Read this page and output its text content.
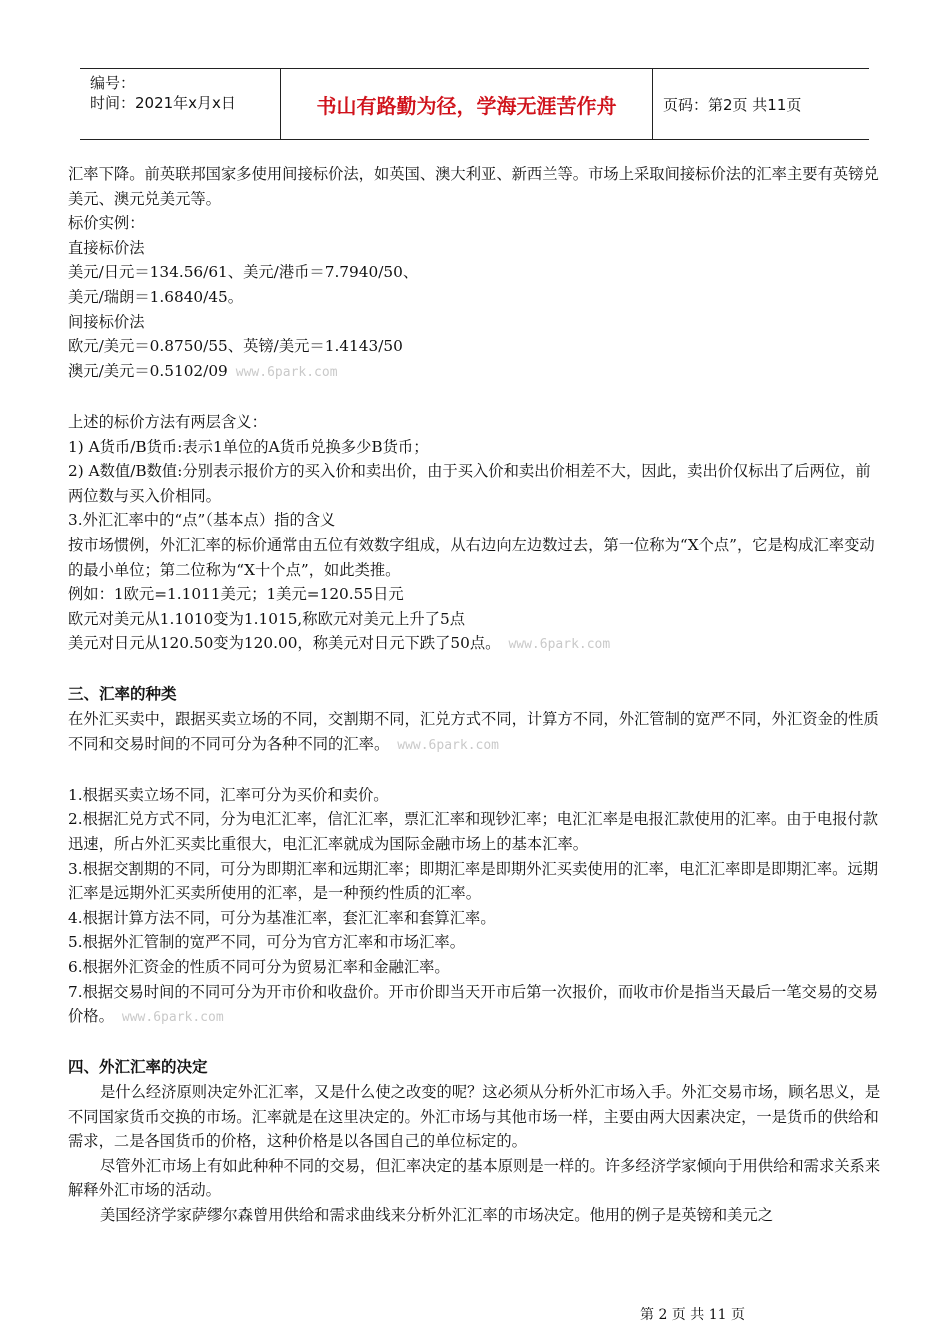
编号：
时间：2021年x月x日	书山有路勤为径，学海无涯苦作舟	页码：第2页 共11页

汇率下降。前英联邦国家多使用间接标价法，如英国、澳大利亚、新西兰等。市场上采取间接标价法的汇率主要有英镑兑美元、澳元兑美元等。

标价实例：

直接标价法

美元/日元＝134.56/61、美元/港币＝7.7940/50、

美元/瑞朗＝1.6840/45。

间接标价法

欧元/美元＝0.8750/55、英镑/美元＝1.4143/50

澳元/美元＝0.5102/09 www.6park.com

上述的标价方法有两层含义：

1) A货币/B货币:表示1单位的A货币兑换多少B货币；

2) A数值/B数值:分别表示报价方的买入价和卖出价，由于买入价和卖出价相差不大，因此，卖出价仅标出了后两位，前两位数与买入价相同。

3.外汇汇率中的“点”（基本点）指的含义

按市场惯例，外汇汇率的标价通常由五位有效数字组成，从右边向左边数过去，第一位称为“X个点”，它是构成汇率变动的最小单位；第二位称为“X十个点”，如此类推。

例如：1欧元=1.1011美元；1美元=120.55日元

欧元对美元从1.1010变为1.1015,称欧元对美元上升了5点

美元对日元从120.50变为120.00，称美元对日元下跌了50点。 www.6park.com

三、汇率的种类

在外汇买卖中，跟据买卖立场的不同，交割期不同，汇兑方式不同，计算方不同，外汇管制的宽严不同，外汇资金的性质不同和交易时间的不同可分为各种不同的汇率。 www.6park.com

1.根据买卖立场不同，汇率可分为买价和卖价。

2.根据汇兑方式不同，分为电汇汇率，信汇汇率，票汇汇率和现钞汇率；电汇汇率是电报汇款使用的汇率。由于电报付款迅速，所占外汇买卖比重很大，电汇汇率就成为国际金融市场上的基本汇率。

3.根据交割期的不同，可分为即期汇率和远期汇率；即期汇率是即期外汇买卖使用的汇率，电汇汇率即是即期汇率。远期汇率是远期外汇买卖所使用的汇率，是一种预约性质的汇率。

4.根据计算方法不同，可分为基准汇率，套汇汇率和套算汇率。

5.根据外汇管制的宽严不同，可分为官方汇率和市场汇率。

6.根据外汇资金的性质不同可分为贸易汇率和金融汇率。

7.根据交易时间的不同可分为开市价和收盘价。开市价即当天开市后第一次报价，而收市价是指当天最后一笔交易的交易价格。 www.6park.com

四、外汇汇率的决定

是什么经济原则决定外汇汇率，又是什么使之改变的呢？这必须从分析外汇市场入手。外汇交易市场，顾名思义，是不同国家货币交换的市场。汇率就是在这里决定的。外汇市场与其他市场一样，主要由两大因素决定，一是货币的供给和需求，二是各国货币的价格，这种价格是以各国自己的单位标定的。

尽管外汇市场上有如此种种不同的交易，但汇率决定的基本原则是一样的。许多经济学家倾向于用供给和需求关系来解释外汇市场的活动。

美国经济学家萨缪尔森曾用供给和需求曲线来分析外汇汇率的市场决定。他用的例子是英镑和美元之

第 2 页 共 11 页
